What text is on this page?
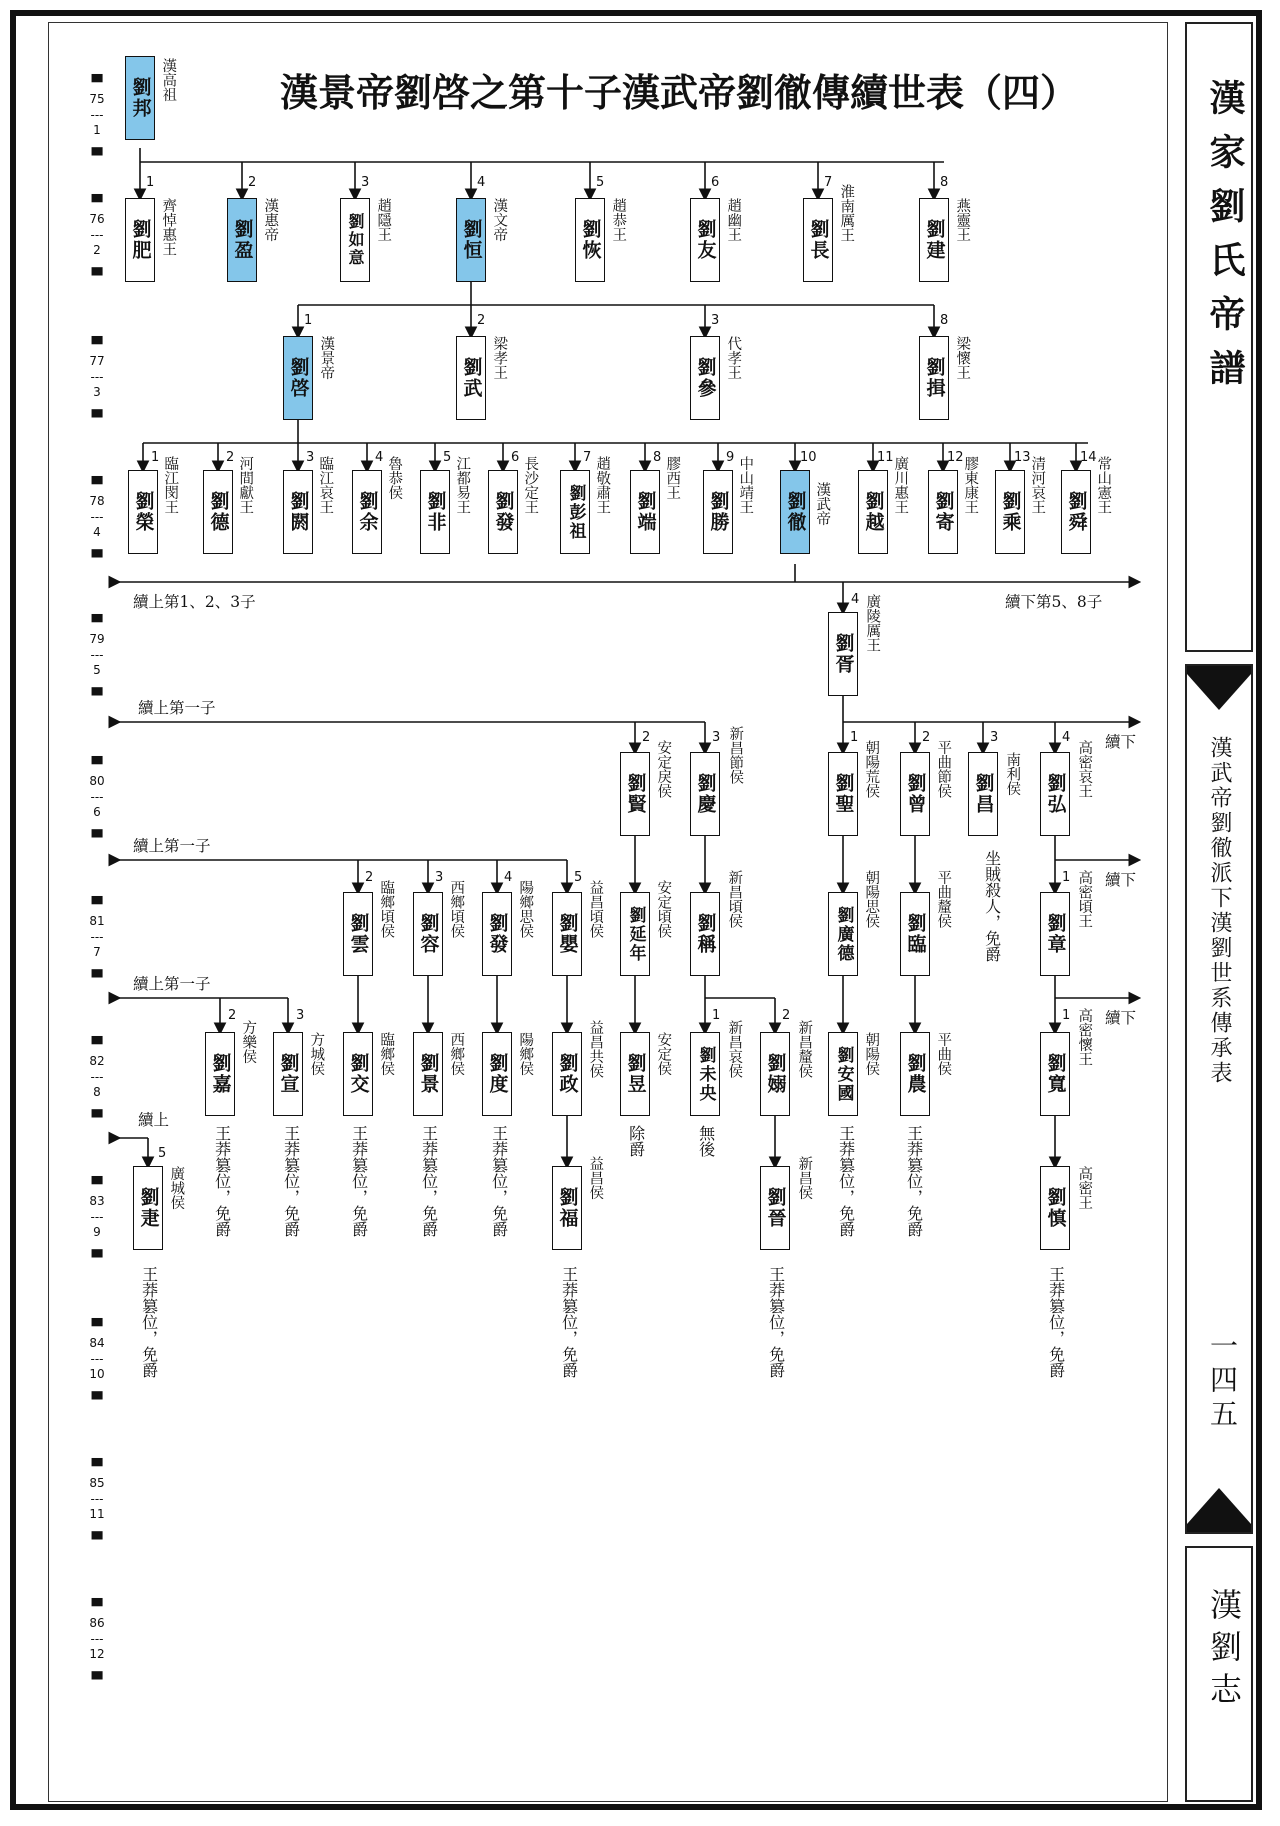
漢家劉氏帝譜
漢武帝劉徹派下漢劉世系傳承表
一四五
漢劉志
漢景帝劉啓之第十子漢武帝劉徹傳續世表（四）
▀
75
---
1
▄
▀
76
---
2
▄
▀
77
---
3
▄
▀
78
---
4
▄
▀
79
---
5
▄
▀
80
---
6
▄
▀
81
---
7
▄
▀
82
---
8
▄
▀
83
---
9
▄
▀
84
---
10
▄
▀
85
---
11
▄
▀
86
---
12
▄
劉邦 漢高祖
劉肥 齊悼惠王
1
劉盈 漢惠帝
2
劉如意 趙隱王
3
劉恒 漢文帝
4
劉恢 趙恭王
5
劉友 趙幽王
6
劉長 淮南厲王
7
劉建 燕靈王
8
劉啓 漢景帝
1
劉武 梁孝王
2
劉參 代孝王
3
劉揖 梁懷王
8
劉榮 臨江閔王
1
劉德 河間獻王
2
劉閼 臨江哀王
3
劉余
魯恭侯
4
劉非 江都易王
5
劉發 長沙定王
6
劉彭祖 趙敬肅王
7
劉端
膠西王
8
劉勝 中山靖王
9
劉徹 漢武帝
10
劉越 廣川惠王
11
劉寄 膠東康王
12
劉乘 清河哀王
13
劉舜 常山憲王
14
劉胥
廣陵厲王
4
劉賢 安定戾侯
2
劉慶
新昌節侯
3
劉聖 朝陽荒侯
1
劉曾 平曲節侯
2
劉昌 南利侯
3
劉弘 高密哀王
4
劉雲 臨鄉頃侯
2
劉容 西鄉頃侯
3
劉發 陽鄉思侯
4
劉嬰 益昌頃侯
5
劉延年 安定頃侯 劉稱
新昌頃侯
劉廣德
朝陽思侯
劉臨
平曲釐侯
劉章
高密頃王
1
劉嘉
方樂侯
2
劉宣 方城侯
3
劉交 臨鄉侯 劉景 西鄉侯 劉度 陽鄉侯 劉政 益昌共侯 劉昱 安定侯	劉未央 新昌哀侯
1
劉嫋 新昌釐侯
2
劉安國 朝陽侯 劉農 平曲侯	劉寬
高密懷王
1
劉疌 廣城侯
5
劉福
益昌侯
劉晉
新昌侯
劉慎 高密王
坐賊殺人，免爵
除爵	無後
王莽篡位，免爵	王莽篡位，免爵	王莽篡位，免爵	王莽篡位，免爵	王莽篡位，免爵	王莽篡位，免爵	王莽篡位，免爵
王莽篡位，免爵	王莽篡位，免爵	王莽篡位，免爵	王莽篡位，免爵
續上第1、2、3子	續下第5、8子
續上第一子
續下
續上第一子
續下
續上第一子
續下
續上
